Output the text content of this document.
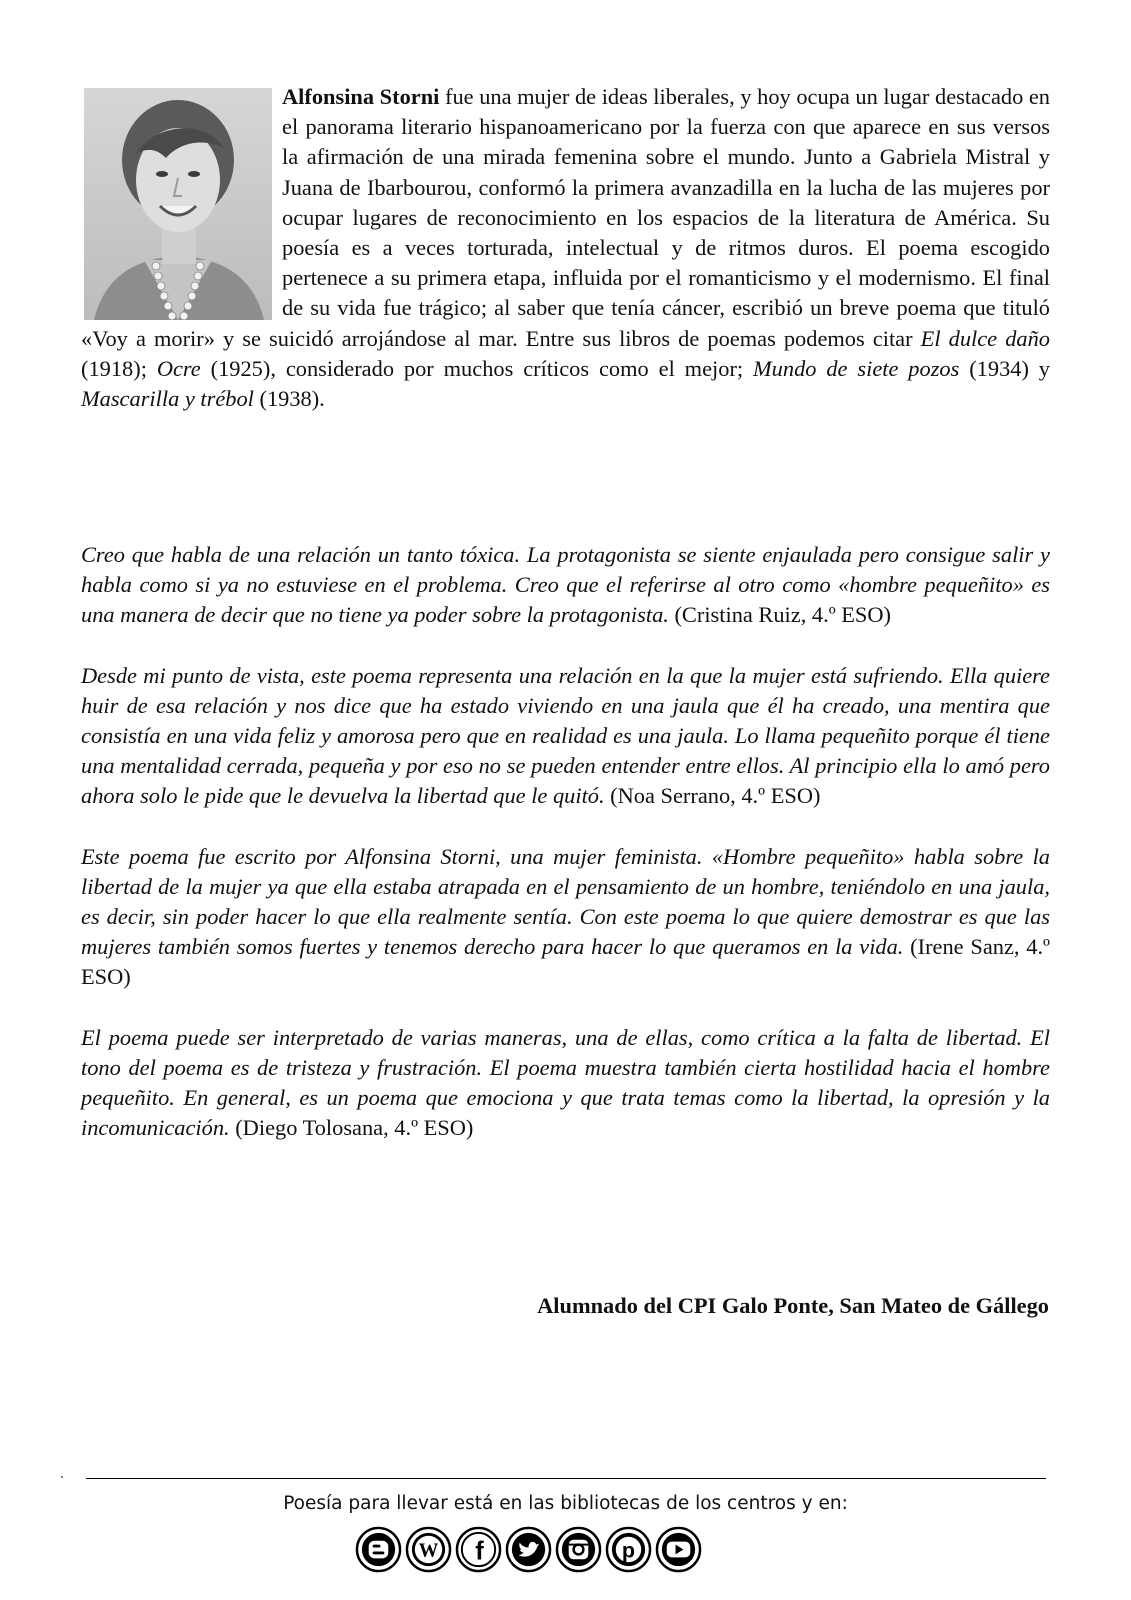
Alfonsina Storni fue una mujer de ideas liberales, y hoy ocupa un lugar destacado en el panorama literario hispanoamericano por la fuerza con que aparece en sus versos la afirmación de una mirada femenina sobre el mundo. Junto a Gabriela Mistral y Juana de Ibarbourou, conformó la primera avanzadilla en la lucha de las mujeres por ocupar lugares de reconocimiento en los espacios de la literatura de América. Su poesía es a veces torturada, intelectual y de ritmos duros. El poema escogido pertenece a su primera etapa, influida por el romanticismo y el modernismo. El final de su vida fue trágico; al saber que tenía cáncer, escribió un breve poema que tituló «Voy a morir» y se suicidó arrojándose al mar. Entre sus libros de poemas podemos citar El dulce daño (1918); Ocre (1925), considerado por muchos críticos como el mejor; Mundo de siete pozos (1934) y Mascarilla y trébol (1938).

Creo que habla de una relación un tanto tóxica. La protagonista se siente enjaulada pero consigue salir y habla como si ya no estuviese en el problema. Creo que el referirse al otro como «hombre pequeñito» es una manera de decir que no tiene ya poder sobre la protagonista. (Cristina Ruiz, 4.º ESO)

Desde mi punto de vista, este poema representa una relación en la que la mujer está sufriendo. Ella quiere huir de esa relación y nos dice que ha estado viviendo en una jaula que él ha creado, una mentira que consistía en una vida feliz y amorosa pero que en realidad es una jaula. Lo llama pequeñito porque él tiene una mentalidad cerrada, pequeña y por eso no se pueden entender entre ellos. Al principio ella lo amó pero ahora solo le pide que le devuelva la libertad que le quitó. (Noa Serrano, 4.º ESO)

Este poema fue escrito por Alfonsina Storni, una mujer feminista. «Hombre pequeñito» habla sobre la libertad de la mujer ya que ella estaba atrapada en el pensamiento de un hombre, teniéndolo en una jaula, es decir, sin poder hacer lo que ella realmente sentía. Con este poema lo que quiere demostrar es que las mujeres también somos fuertes y tenemos derecho para hacer lo que queramos en la vida. (Irene Sanz, 4.º ESO)

El poema puede ser interpretado de varias maneras, una de ellas, como crítica a la falta de libertad. El tono del poema es de tristeza y frustración. El poema muestra también cierta hostilidad hacia el hombre pequeñito. En general, es un poema que emociona y que trata temas como la libertad, la opresión y la incomunicación. (Diego Tolosana, 4.º ESO)

Alumnado del CPI Galo Ponte, San Mateo de Gállego
Poesía para llevar está en las bibliotecas de los centros y en:
W f	p
